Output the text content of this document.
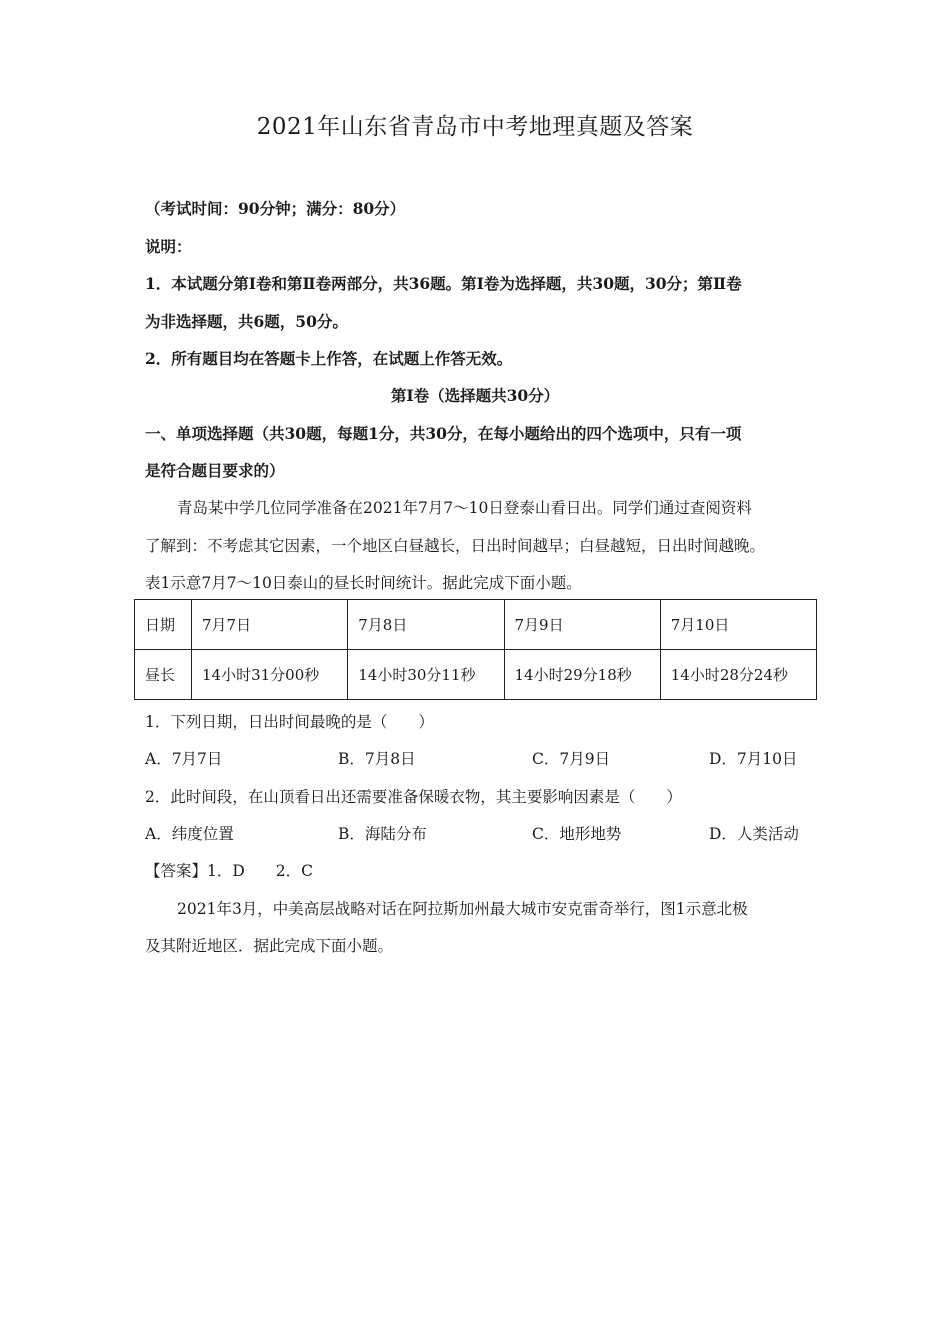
2021年山东省青岛市中考地理真题及答案
（考试时间：90分钟；满分：80分）
说明：
1．本试题分第Ⅰ卷和第Ⅱ卷两部分，共36题。第Ⅰ卷为选择题，共30题，30分；第Ⅱ卷
为非选择题，共6题，50分。
2．所有题目均在答题卡上作答，在试题上作答无效。
第Ⅰ卷（选择题共30分）
一、单项选择题（共30题，每题1分，共30分，在每小题给出的四个选项中，只有一项
是符合题目要求的）
青岛某中学几位同学准备在2021年7月7～10日登泰山看日出。同学们通过查阅资料
了解到：不考虑其它因素，一个地区白昼越长，日出时间越早；白昼越短，日出时间越晚。
表1示意7月7～10日泰山的昼长时间统计。据此完成下面小题。
日期	7月7日	7月8日	7月9日	7月10日
昼长	14小时31分00秒	14小时30分11秒	14小时29分18秒	14小时28分24秒
1．下列日期，日出时间最晚的是（　　）
A．7月7日	B．7月8日	C．7月9日	D．7月10日
2．此时间段，在山顶看日出还需要准备保暖衣物，其主要影响因素是（　　）
A．纬度位置	B．海陆分布	C．地形地势	D．人类活动
【答案】1．D　　2．C
2021年3月，中美高层战略对话在阿拉斯加州最大城市安克雷奇举行，图1示意北极
及其附近地区．据此完成下面小题。
